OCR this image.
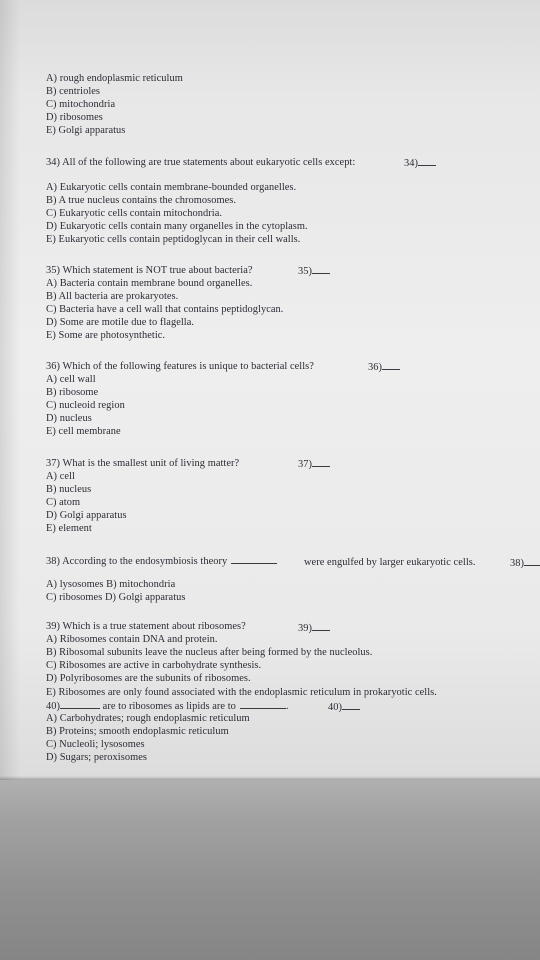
A) rough endoplasmic reticulum
B) centrioles
C) mitochondria
D) ribosomes
E) Golgi apparatus
34) All of the following are true statements about eukaryotic cells except:	34)
A) Eukaryotic cells contain membrane-bounded organelles.
B) A true nucleus contains the chromosomes.
C) Eukaryotic cells contain mitochondria.
D) Eukaryotic cells contain many organelles in the cytoplasm.
E) Eukaryotic cells contain peptidoglycan in their cell walls.
35) Which statement is NOT true about bacteria?	35)
A) Bacteria contain membrane bound organelles.
B) All bacteria are prokaryotes.
C) Bacteria have a cell wall that contains peptidoglycan.
D) Some are motile due to flagella.
E) Some are photosynthetic.
36) Which of the following features is unique to bacterial cells?	36)
A) cell wall
B) ribosome
C) nucleoid region
D) nucleus
E) cell membrane
37) What is the smallest unit of living matter?	37)
A) cell
B) nucleus
C) atom
D) Golgi apparatus
E) element
38) According to the endosymbiosis theory	were engulfed by larger eukaryotic cells.	38)
A) lysosomes B) mitochondria
C) ribosomes D) Golgi apparatus
39) Which is a true statement about ribosomes?	39)
A) Ribosomes contain DNA and protein.
B) Ribosomal subunits leave the nucleus after being formed by the nucleolus.
C) Ribosomes are active in carbohydrate synthesis.
D) Polyribosomes are the subunits of ribosomes.
E) Ribosomes are only found associated with the endoplasmic reticulum in prokaryotic cells.
40)	are to ribosomes as lipids are to	.	40)
A) Carbohydrates; rough endoplasmic reticulum
B) Proteins; smooth endoplasmic reticulum
C) Nucleoli; lysosomes
D) Sugars; peroxisomes
